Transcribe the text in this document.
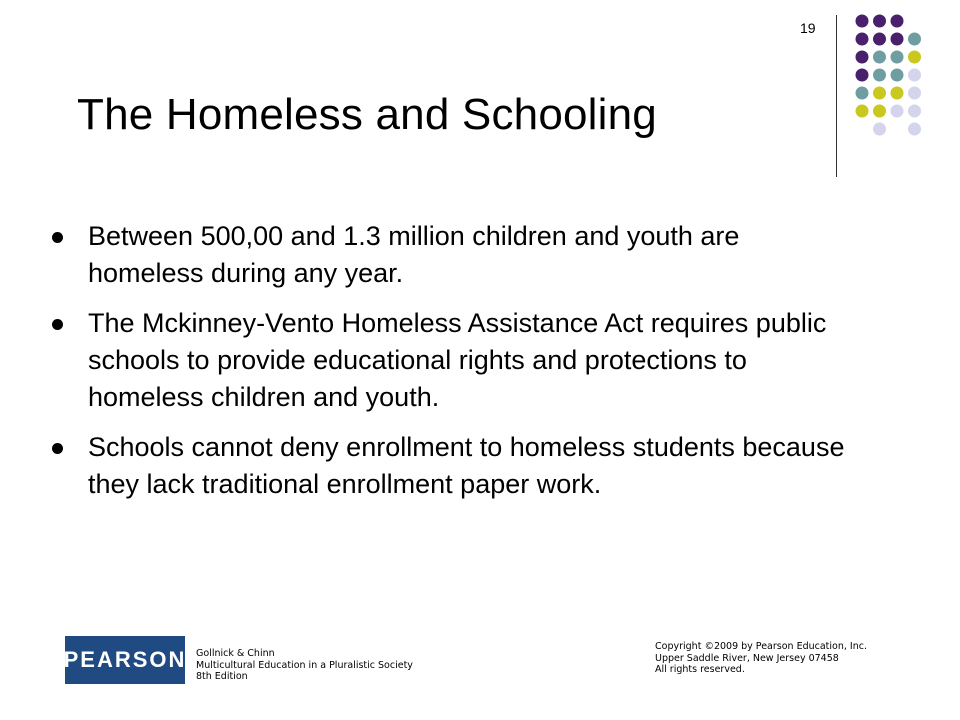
19
The Homeless and Schooling
Between 500,00 and 1.3 million children and youth are homeless during any year.
The Mckinney-Vento Homeless Assistance Act requires public schools to provide educational rights and protections to homeless children and youth.
Schools cannot deny enrollment to homeless students because they lack traditional enrollment paper work.
PEARSON Gollnick & Chinn
Multicultural Education in a Pluralistic Society
8th Edition
Copyright ©2009 by Pearson Education, Inc.
Upper Saddle River, New Jersey 07458
All rights reserved.
